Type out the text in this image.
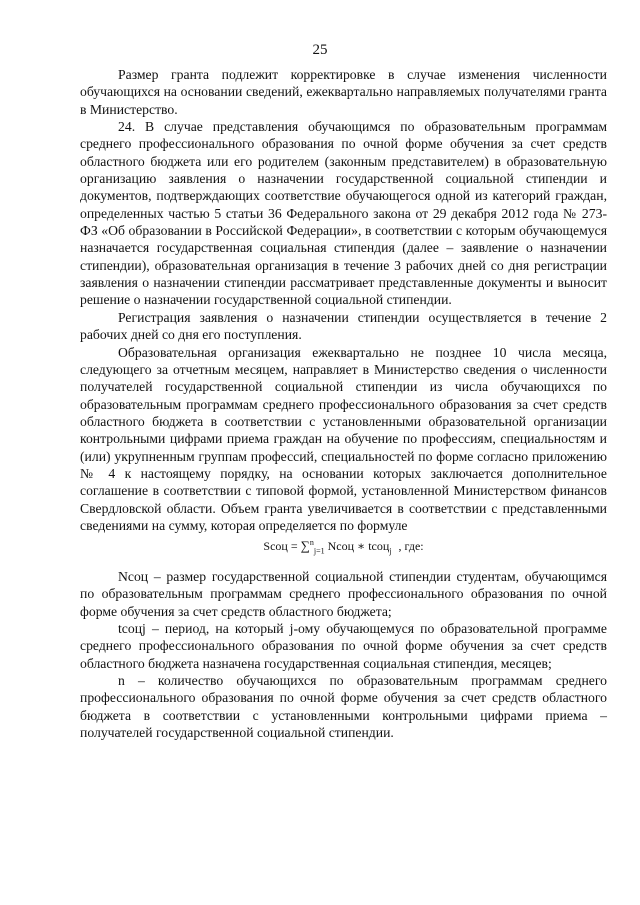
25

Размер гранта подлежит корректировке в случае изменения численности обучающихся на основании сведений, ежеквартально направляемых получателями гранта в Министерство.

24. В случае представления обучающимся по образовательным программам среднего профессионального образования по очной форме обучения за счет средств областного бюджета или его родителем (законным представителем) в образовательную организацию заявления о назначении государственной социальной стипендии и документов, подтверждающих соответствие обучающегося одной из категорий граждан, определенных частью 5 статьи 36 Федерального закона от 29 декабря 2012 года № 273-ФЗ «Об образовании в Российской Федерации», в соответствии с которым обучающемуся назначается государственная социальная стипендия (далее – заявление о назначении стипендии), образовательная организация в течение 3 рабочих дней со дня регистрации заявления о назначении стипендии рассматривает представленные документы и выносит решение о назначении государственной социальной стипендии.

Регистрация заявления о назначении стипендии осуществляется в течение 2 рабочих дней со дня его поступления.

Образовательная организация ежеквартально не позднее 10 числа месяца, следующего за отчетным месяцем, направляет в Министерство сведения о численности получателей государственной социальной стипендии из числа обучающихся по образовательным программам среднего профессионального образования за счет средств областного бюджета в соответствии с установленными образовательной организации контрольными цифрами приема граждан на обучение по профессиям, специальностям и (или) укрупненным группам профессий, специальностей по форме согласно приложению № 4 к настоящему порядку, на основании которых заключается дополнительное соглашение в соответствии с типовой формой, установленной Министерством финансов Свердловской области. Объем гранта увеличивается в соответствии с представленными сведениями на сумму, которая определяется по формуле

Sсоц = ∑$^n_{j=1}$ Nсоц ∗ tсоц$_j$ , где:

Nсоц – размер государственной социальной стипендии студентам, обучающимся по образовательным программам среднего профессионального образования по очной форме обучения за счет средств областного бюджета;

tсоцj – период, на который j-ому обучающемуся по образовательной программе среднего профессионального образования по очной форме обучения за счет средств областного бюджета назначена государственная социальная стипендия, месяцев;

n – количество обучающихся по образовательным программам среднего профессионального образования по очной форме обучения за счет средств областного бюджета в соответствии с установленными контрольными цифрами приема – получателей государственной социальной стипендии.
